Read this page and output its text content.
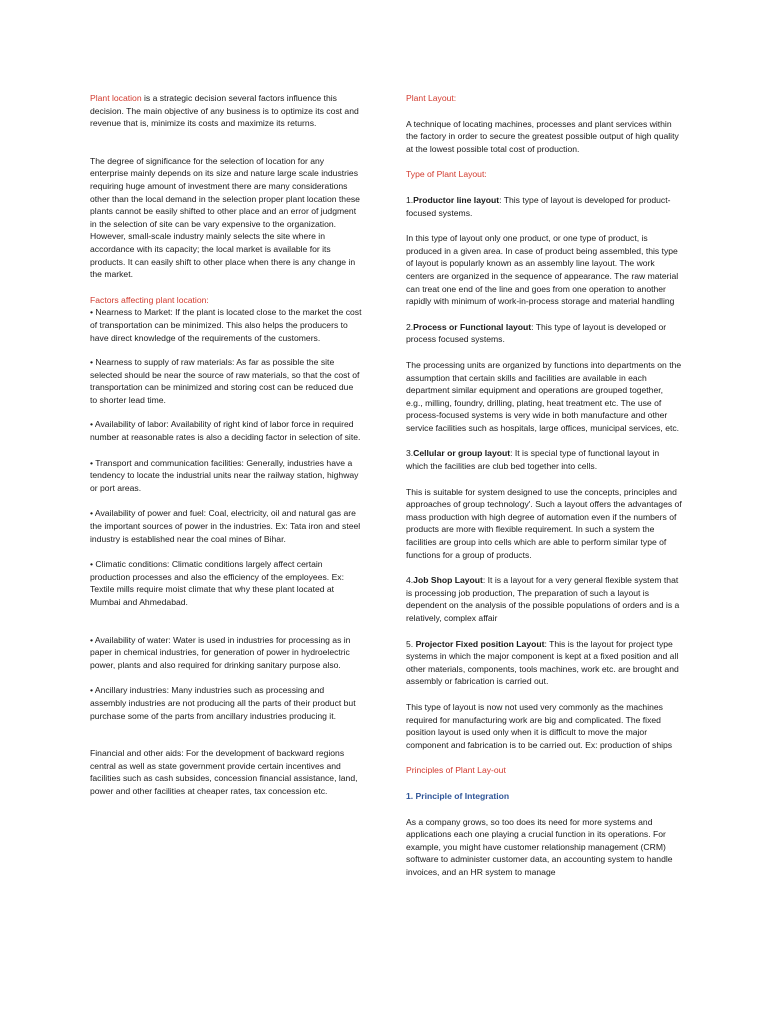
Plant location is a strategic decision several factors influence this decision. The main objective of any business is to optimize its cost and revenue that is, minimize its costs and maximize its returns.

The degree of significance for the selection of location for any enterprise mainly depends on its size and nature large scale industries requiring huge amount of investment there are many considerations other than the local demand in the selection proper plant location these plants cannot be easily shifted to other place and an error of judgment in the selection of site can be vary expensive to the organization. However, small-scale industry mainly selects the site where in accordance with its capacity; the local market is available for its products. It can easily shift to other place when there is any change in the market.

Factors affecting plant location:

• Nearness to Market: If the plant is located close to the market the cost of transportation can be minimized. This also helps the producers to have direct knowledge of the requirements of the customers.

• Nearness to supply of raw materials: As far as possible the site selected should be near the source of raw materials, so that the cost of transportation can be minimized and storing cost can be reduced due to shorter lead time.

• Availability of labor: Availability of right kind of labor force in required number at reasonable rates is also a deciding factor in selection of site.

• Transport and communication facilities: Generally, industries have a tendency to locate the industrial units near the railway station, highway or port areas.

• Availability of power and fuel: Coal, electricity, oil and natural gas are the important sources of power in the industries. Ex: Tata iron and steel industry is established near the coal mines of Bihar.

• Climatic conditions: Climatic conditions largely affect certain production processes and also the efficiency of the employees. Ex: Textile mills require moist climate that why these plant located at Mumbai and Ahmedabad.

• Availability of water: Water is used in industries for processing as in paper in chemical industries, for generation of power in hydroelectric power, plants and also required for drinking sanitary purpose also.

• Ancillary industries: Many industries such as processing and assembly industries are not producing all the parts of their product but purchase some of the parts from ancillary industries producing it.

Financial and other aids: For the development of backward regions central as well as state government provide certain incentives and facilities such as cash subsides, concession financial assistance, land, power and other facilities at cheaper rates, tax concession etc.

Plant Layout:

A technique of locating machines, processes and plant services within the factory in order to secure the greatest possible output of high quality at the lowest possible total cost of production.

Type of Plant Layout:

1.Productor line layout: This type of layout is developed for product-focused systems.

In this type of layout only one product, or one type of product, is produced in a given area. In case of product being assembled, this type of layout is popularly known as an assembly line layout. The work centers are organized in the sequence of appearance. The raw material can treat one end of the line and goes from one operation to another rapidly with minimum of work-in-process storage and material handling

2.Process or Functional layout: This type of layout is developed or process focused systems.

The processing units are organized by functions into departments on the assumption that certain skills and facilities are available in each department similar equipment and operations are grouped together, e.g., milling, foundry, drilling, plating, heat treatment etc. The use of process-focused systems is very wide in both manufacture and other service facilities such as hospitals, large offices, municipal services, etc.

3.Cellular or group layout: It is special type of functional layout in which the facilities are club bed together into cells.

This is suitable for system designed to use the concepts, principles and approaches of group technology'. Such a layout offers the advantages of mass production with high degree of automation even if the numbers of products are more with flexible requirement. In such a system the facilities are group into cells which are able to perform similar type of functions for a group of products.

4.Job Shop Layout: It is a layout for a very general flexible system that is processing job production, The preparation of such a layout is dependent on the analysis of the possible populations of orders and is a relatively, complex affair

5. Projector Fixed position Layout: This is the layout for project type systems in which the major component is kept at a fixed position and all other materials, components, tools machines, work etc. are brought and assembly or fabrication is carried out.

This type of layout is now not used very commonly as the machines required for manufacturing work are big and complicated. The fixed position layout is used only when it is difficult to move the major component and fabrication is to be carried out. Ex: production of ships

Principles of Plant Lay-out

1. Principle of Integration

As a company grows, so too does its need for more systems and applications each one playing a crucial function in its operations. For example, you might have customer relationship management (CRM) software to administer customer data, an accounting system to handle invoices, and an HR system to manage
